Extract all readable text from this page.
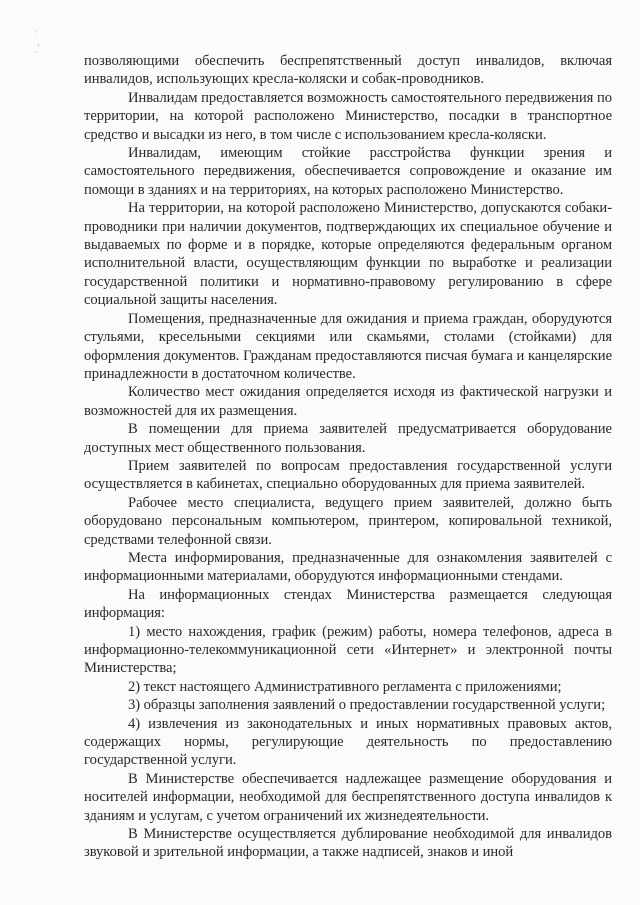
·
‚
·	позволяющими обеспечить беспрепятственный доступ инвалидов, включая инвалидов, использующих кресла-коляски и собак-проводников.

Инвалидам предоставляется возможность самостоятельного передвижения по территории, на которой расположено Министерство, посадки в транспортное средство и высадки из него, в том числе с использованием кресла-коляски.

Инвалидам, имеющим стойкие расстройства функции зрения и самостоятельного передвижения, обеспечивается сопровождение и оказание им помощи в зданиях и на территориях, на которых расположено Министерство.

На территории, на которой расположено Министерство, допускаются собаки-проводники при наличии документов, подтверждающих их специальное обучение и выдаваемых по форме и в порядке, которые определяются федеральным органом исполнительной власти, осуществляющим функции по выработке и реализации государственной политики и нормативно-правовому регулированию в сфере социальной защиты населения.

Помещения, предназначенные для ожидания и приема граждан, оборудуются стульями, кресельными секциями или скамьями, столами (стойками) для оформления документов. Гражданам предоставляются писчая бумага и канцелярские принадлежности в достаточном количестве.

Количество мест ожидания определяется исходя из фактической нагрузки и возможностей для их размещения.

В помещении для приема заявителей предусматривается оборудование доступных мест общественного пользования.

Прием заявителей по вопросам предоставления государственной услуги осуществляется в кабинетах, специально оборудованных для приема заявителей.

Рабочее место специалиста, ведущего прием заявителей, должно быть оборудовано персональным компьютером, принтером, копировальной техникой, средствами телефонной связи.

Места информирования, предназначенные для ознакомления заявителей с информационными материалами, оборудуются информационными стендами.

На информационных стендах Министерства размещается следующая информация:

1) место нахождения, график (режим) работы, номера телефонов, адреса в информационно-телекоммуникационной сети «Интернет» и электронной почты Министерства;

2) текст настоящего Административного регламента с приложениями;

3) образцы заполнения заявлений о предоставлении государственной услуги;

4) извлечения из законодательных и иных нормативных правовых актов, содержащих нормы, регулирующие деятельность по предоставлению государственной услуги.

В Министерстве обеспечивается надлежащее размещение оборудования и носителей информации, необходимой для беспрепятственного доступа инвалидов к зданиям и услугам, с учетом ограничений их жизнедеятельности.

В Министерстве осуществляется дублирование необходимой для инвалидов звуковой и зрительной информации, а также надписей, знаков и иной
